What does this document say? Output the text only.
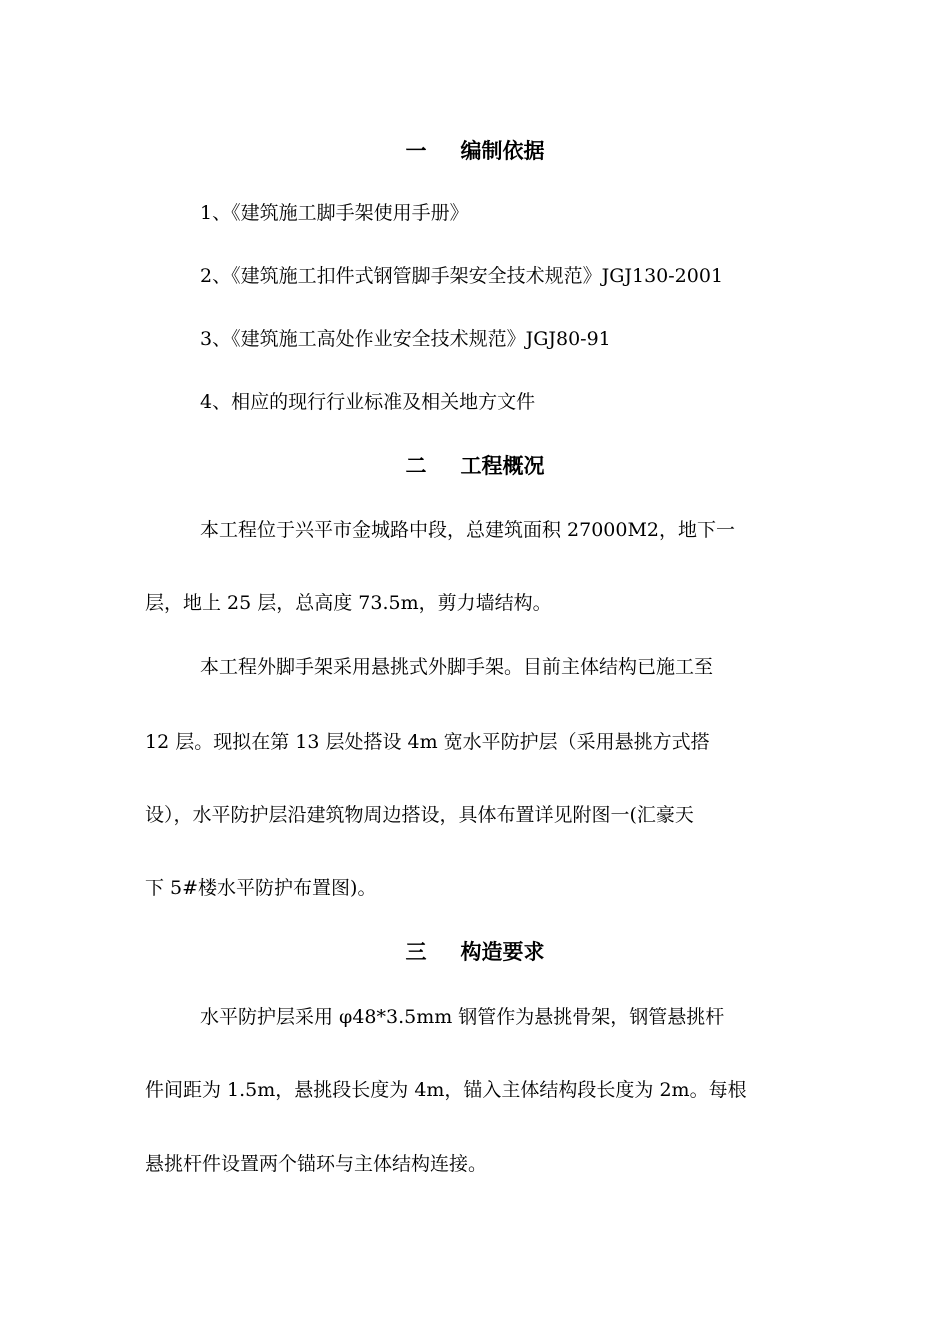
一 编制依据
1、《建筑施工脚手架使用手册》
2、《建筑施工扣件式钢管脚手架安全技术规范》JGJ130-2001
3、《建筑施工高处作业安全技术规范》JGJ80-91
4、相应的现行行业标准及相关地方文件
二 工程概况
本工程位于兴平市金城路中段，总建筑面积 27000M2，地下一
层，地上 25 层，总高度 73.5m，剪力墙结构。
本工程外脚手架采用悬挑式外脚手架。目前主体结构已施工至
12 层。现拟在第 13 层处搭设 4m 宽水平防护层（采用悬挑方式搭
设），水平防护层沿建筑物周边搭设，具体布置详见附图一(汇豪天
下 5#楼水平防护布置图)。
三 构造要求
水平防护层采用 φ48*3.5mm 钢管作为悬挑骨架，钢管悬挑杆
件间距为 1.5m，悬挑段长度为 4m，锚入主体结构段长度为 2m。每根
悬挑杆件设置两个锚环与主体结构连接。
